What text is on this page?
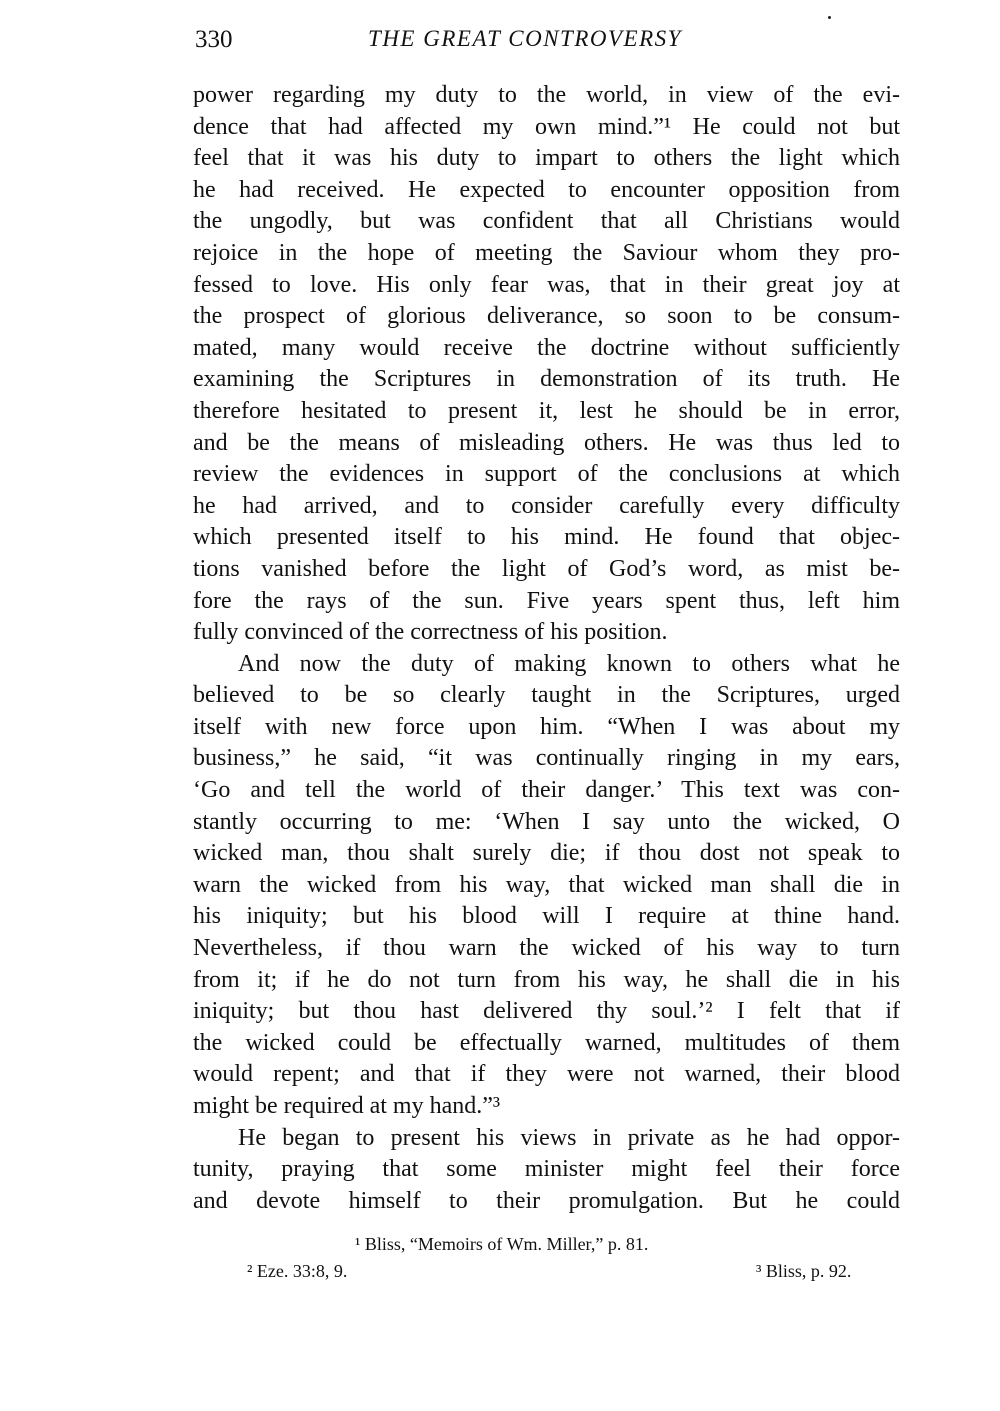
330	THE GREAT CONTROVERSY
power regarding my duty to the world, in view of the evi-
dence that had affected my own mind.”¹ He could not but
feel that it was his duty to impart to others the light which
he had received. He expected to encounter opposition from
the ungodly, but was confident that all Christians would
rejoice in the hope of meeting the Saviour whom they pro-
fessed to love. His only fear was, that in their great joy at
the prospect of glorious deliverance, so soon to be consum-
mated, many would receive the doctrine without sufficiently
examining the Scriptures in demonstration of its truth. He
therefore hesitated to present it, lest he should be in error,
and be the means of misleading others. He was thus led to
review the evidences in support of the conclusions at which
he had arrived, and to consider carefully every difficulty
which presented itself to his mind. He found that objec-
tions vanished before the light of God’s word, as mist be-
fore the rays of the sun. Five years spent thus, left him
fully convinced of the correctness of his position.
And now the duty of making known to others what he
believed to be so clearly taught in the Scriptures, urged
itself with new force upon him. “When I was about my
business,” he said, “it was continually ringing in my ears,
‘Go and tell the world of their danger.’ This text was con-
stantly occurring to me: ‘When I say unto the wicked, O
wicked man, thou shalt surely die; if thou dost not speak to
warn the wicked from his way, that wicked man shall die in
his iniquity; but his blood will I require at thine hand.
Nevertheless, if thou warn the wicked of his way to turn
from it; if he do not turn from his way, he shall die in his
iniquity; but thou hast delivered thy soul.’² I felt that if
the wicked could be effectually warned, multitudes of them
would repent; and that if they were not warned, their blood
might be required at my hand.”³
He began to present his views in private as he had oppor-
tunity, praying that some minister might feel their force
and devote himself to their promulgation. But he could
¹ Bliss, “Memoirs of Wm. Miller,” p. 81.
² Eze. 33:8, 9.	³ Bliss, p. 92.
